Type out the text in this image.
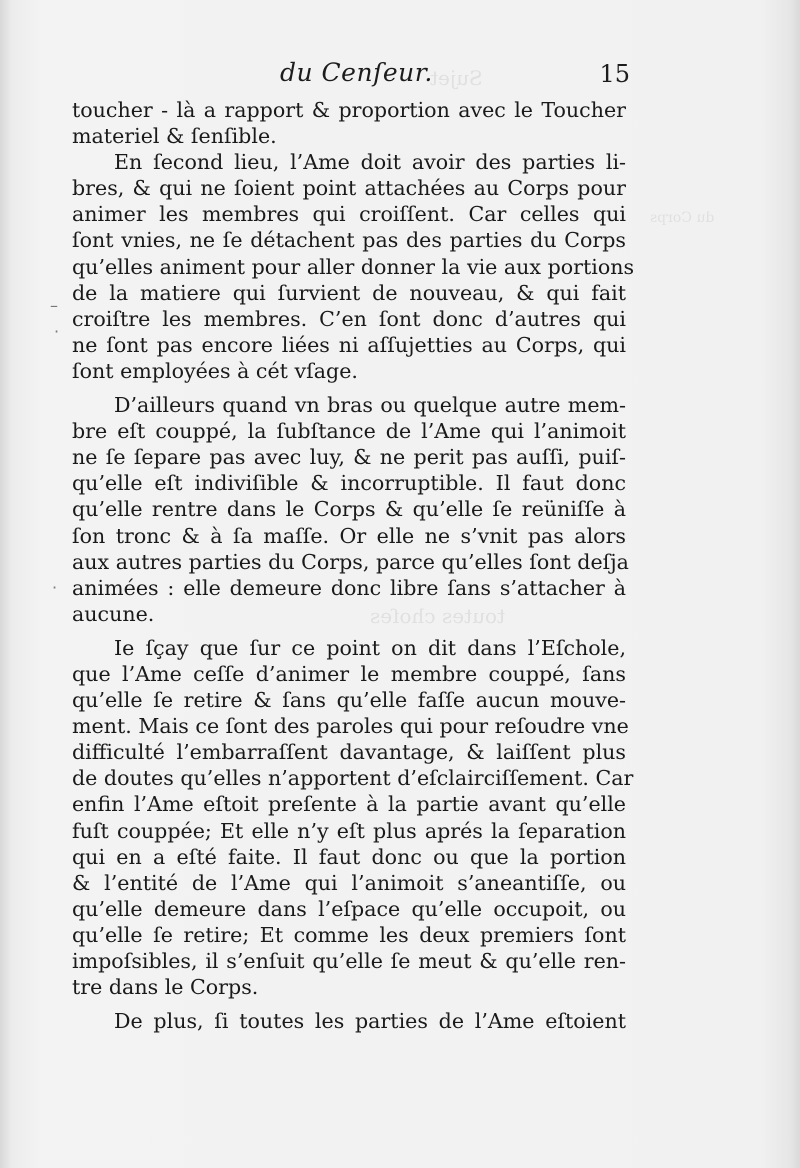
Sujet
du Corps
toutes choſes
–
·
·
du Cenſeur.	15
toucher - là a rapport & proportion avec le Toucher
materiel & ſenſible.
En ſecond lieu, l’Ame doit avoir des parties li-
bres, & qui ne ſoient point attachées au Corps pour
animer les membres qui croiſſent. Car celles qui
ſont vnies, ne ſe détachent pas des parties du Corps
qu’elles animent pour aller donner la vie aux portions
de la matiere qui ſurvient de nouveau, & qui fait
croiſtre les membres. C’en ſont donc d’autres qui
ne ſont pas encore liées ni aſſujetties au Corps, qui
ſont employées à cét vſage.
D’ailleurs quand vn bras ou quelque autre mem-
bre eſt couppé, la ſubſtance de l’Ame qui l’animoit
ne ſe ſepare pas avec luy, & ne perit pas auſſi, puiſ-
qu’elle eſt indiviſible & incorruptible. Il faut donc
qu’elle rentre dans le Corps & qu’elle ſe reüniſſe à
ſon tronc & à ſa maſſe. Or elle ne s’vnit pas alors
aux autres parties du Corps, parce qu’elles ſont deſja
animées : elle demeure donc libre ſans s’attacher à
aucune.
Ie ſçay que ſur ce point on dit dans l’Eſchole,
que l’Ame ceſſe d’animer le membre couppé, ſans
qu’elle ſe retire & ſans qu’elle faſſe aucun mouve-
ment. Mais ce ſont des paroles qui pour reſoudre vne
difficulté l’embarraſſent davantage, & laiſſent plus
de doutes qu’elles n’apportent d’eſclairciſſement. Car
enfin l’Ame eſtoit preſente à la partie avant qu’elle
fuſt couppée; Et elle n’y eſt plus aprés la ſeparation
qui en a eſté faite. Il faut donc ou que la portion
& l’entité de l’Ame qui l’animoit s’aneantiſſe, ou
qu’elle demeure dans l’eſpace qu’elle occupoit, ou
qu’elle ſe retire; Et comme les deux premiers ſont
impoſsibles, il s’enſuit qu’elle ſe meut & qu’elle ren-
tre dans le Corps.
De plus, ſi toutes les parties de l’Ame eſtoient
